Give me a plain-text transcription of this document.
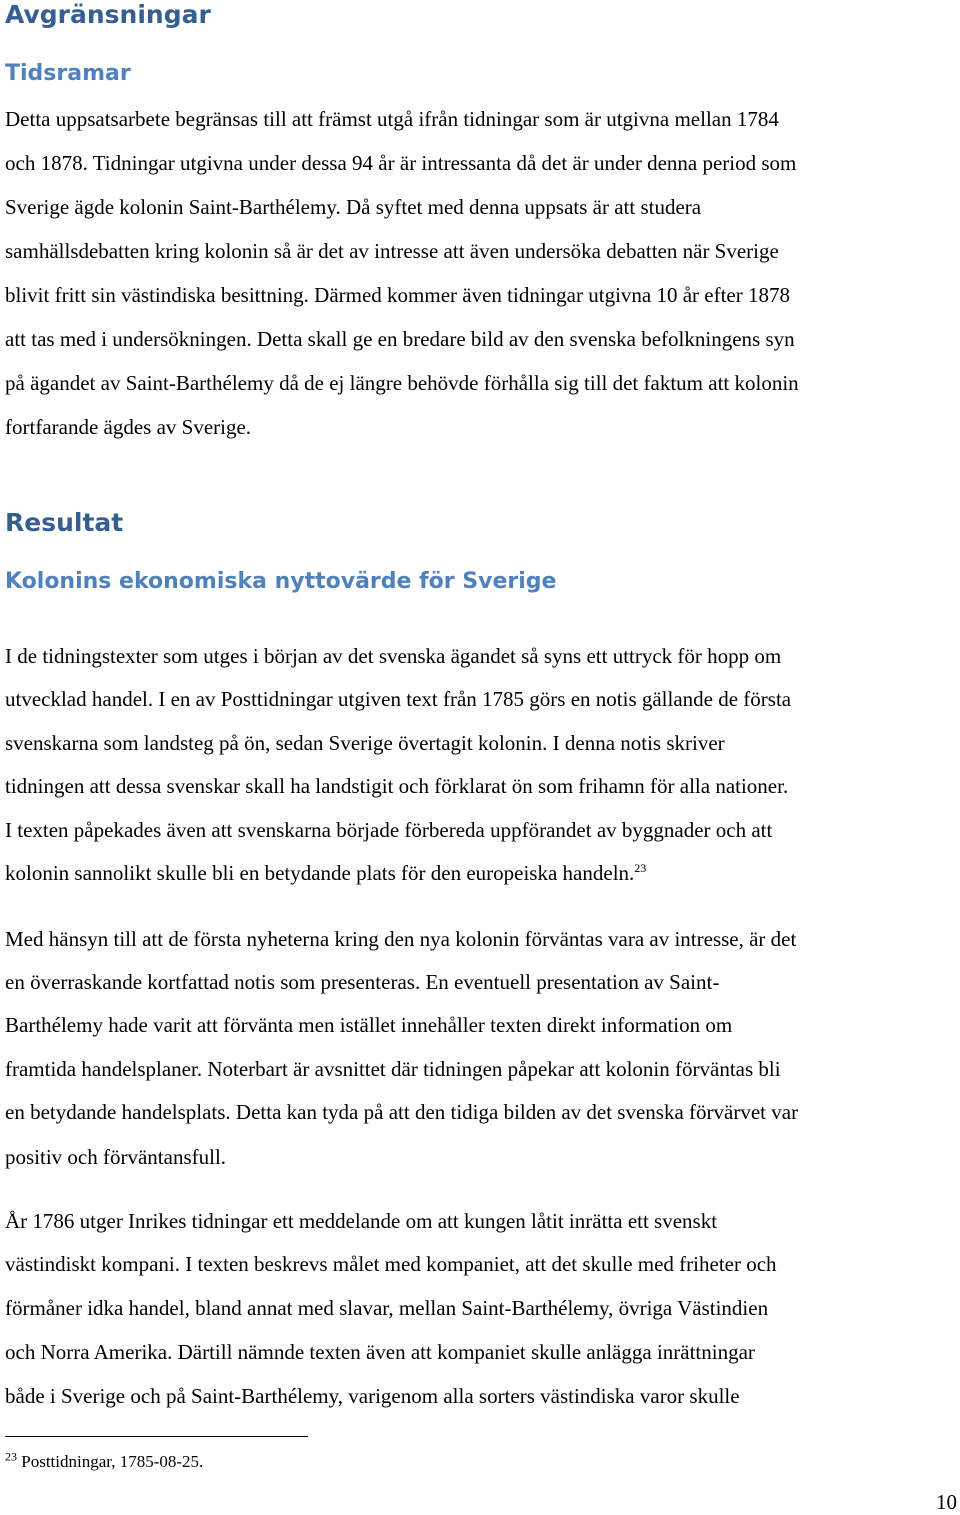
Avgränsningar
Tidsramar

Detta uppsatsarbete begränsas till att främst utgå ifrån tidningar som är utgivna mellan 1784

och 1878. Tidningar utgivna under dessa 94 år är intressanta då det är under denna period som

Sverige ägde kolonin Saint-Barthélemy. Då syftet med denna uppsats är att studera

samhällsdebatten kring kolonin så är det av intresse att även undersöka debatten när Sverige

blivit fritt sin västindiska besittning. Därmed kommer även tidningar utgivna 10 år efter 1878

att tas med i undersökningen. Detta skall ge en bredare bild av den svenska befolkningens syn

på ägandet av Saint-Barthélemy då de ej längre behövde förhålla sig till det faktum att kolonin

fortfarande ägdes av Sverige.

Resultat
Kolonins ekonomiska nyttovärde för Sverige

I de tidningstexter som utges i början av det svenska ägandet så syns ett uttryck för hopp om

utvecklad handel. I en av Posttidningar utgiven text från 1785 görs en notis gällande de första

svenskarna som landsteg på ön, sedan Sverige övertagit kolonin. I denna notis skriver

tidningen att dessa svenskar skall ha landstigit och förklarat ön som frihamn för alla nationer.

I texten påpekades även att svenskarna började förbereda uppförandet av byggnader och att

kolonin sannolikt skulle bli en betydande plats för den europeiska handeln.$^{23}$

Med hänsyn till att de första nyheterna kring den nya kolonin förväntas vara av intresse, är det

en överraskande kortfattad notis som presenteras. En eventuell presentation av Saint-

Barthélemy hade varit att förvänta men istället innehåller texten direkt information om

framtida handelsplaner. Noterbart är avsnittet där tidningen påpekar att kolonin förväntas bli

en betydande handelsplats. Detta kan tyda på att den tidiga bilden av det svenska förvärvet var

positiv och förväntansfull.

År 1786 utger Inrikes tidningar ett meddelande om att kungen låtit inrätta ett svenskt

västindiskt kompani. I texten beskrevs målet med kompaniet, att det skulle med friheter och

förmåner idka handel, bland annat med slavar, mellan Saint-Barthélemy, övriga Västindien

och Norra Amerika. Därtill nämnde texten även att kompaniet skulle anlägga inrättningar

både i Sverige och på Saint-Barthélemy, varigenom alla sorters västindiska varor skulle

$^{23}$ Posttidningar, 1785-08-25.

10
